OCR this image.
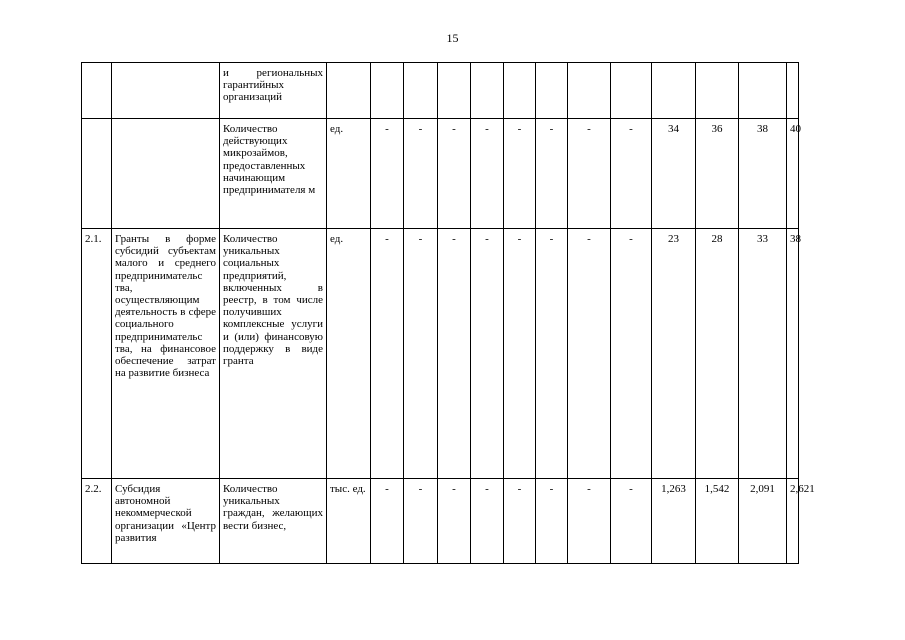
15
		и региональных гарантийных организаций													
		Количество действующих микрозаймов, предоставленных начинающим предпринимателя м	ед.	-	-	-	-	-	-	-	-	34	36	38	40
2.1.	Гранты в форме субсидий субъектам малого и среднего предпринимательс тва, осуществляющим деятельность в сфере социального предпринимательс тва, на финансовое обеспечение затрат на развитие бизнеса	Количество уникальных социальных предприятий, включенных в реестр, в том числе получивших комплексные услуги и (или) финансовую поддержку в виде гранта	ед.	-	-	-	-	-	-	-	-	23	28	33	38
2.2.	Субсидия автономной некоммерческой организации «Центр развития	Количество уникальных граждан, желающих вести бизнес,	тыс. ед.	-	-	-	-	-	-	-	-	1,263	1,542	2,091	2,621
